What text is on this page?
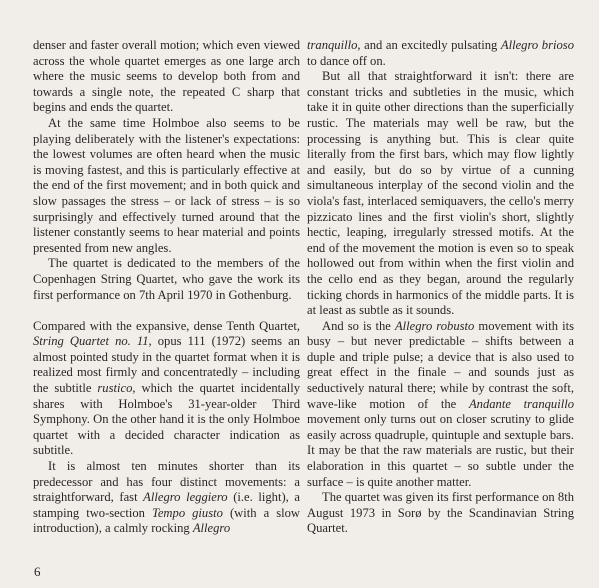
denser and faster overall motion; which even viewed across the whole quartet emerges as one large arch where the music seems to develop both from and towards a single note, the repeated C sharp that begins and ends the quartet.

At the same time Holmboe also seems to be playing deliberately with the listener's expectations: the lowest volumes are often heard when the music is moving fastest, and this is particularly effective at the end of the first movement; and in both quick and slow passages the stress – or lack of stress – is so surprisingly and effectively turned around that the listener constantly seems to hear material and points presented from new angles.

The quartet is dedicated to the members of the Copenhagen String Quartet, who gave the work its first performance on 7th April 1970 in Gothenburg.

Compared with the expansive, dense Tenth Quartet, String Quartet no. 11, opus 111 (1972) seems an almost pointed study in the quartet format when it is realized most firmly and concentratedly – including the subtitle rustico, which the quartet incidentally shares with Holmboe's 31-year-older Third Symphony. On the other hand it is the only Holmboe quartet with a decided character indication as subtitle.

It is almost ten minutes shorter than its predecessor and has four distinct movements: a straightforward, fast Allegro leggiero (i.e. light), a stamping two-section Tempo giusto (with a slow introduction), a calmly rocking Allegro

tranquillo, and an excitedly pulsating Allegro brioso to dance off on.

But all that straightforward it isn't: there are constant tricks and subtleties in the music, which take it in quite other directions than the superficially rustic. The materials may well be raw, but the processing is anything but. This is clear quite literally from the first bars, which may flow lightly and easily, but do so by virtue of a cunning simultaneous interplay of the second violin and the viola's fast, interlaced semiquavers, the cello's merry pizzicato lines and the first violin's short, slightly hectic, leaping, irregularly stressed motifs. At the end of the movement the motion is even so to speak hollowed out from within when the first violin and the cello end as they began, around the regularly ticking chords in harmonics of the middle parts. It is at least as subtle as it sounds.

And so is the Allegro robusto movement with its busy – but never predictable – shifts between a duple and triple pulse; a device that is also used to great effect in the finale – and sounds just as seductively natural there; while by contrast the soft, wave-like motion of the Andante tranquillo movement only turns out on closer scrutiny to glide easily across quadruple, quintuple and sextuple bars. It may be that the raw materials are rustic, but their elaboration in this quartet – so subtle under the surface – is quite another matter.

The quartet was given its first performance on 8th August 1973 in Sorø by the Scandinavian String Quartet.

6
